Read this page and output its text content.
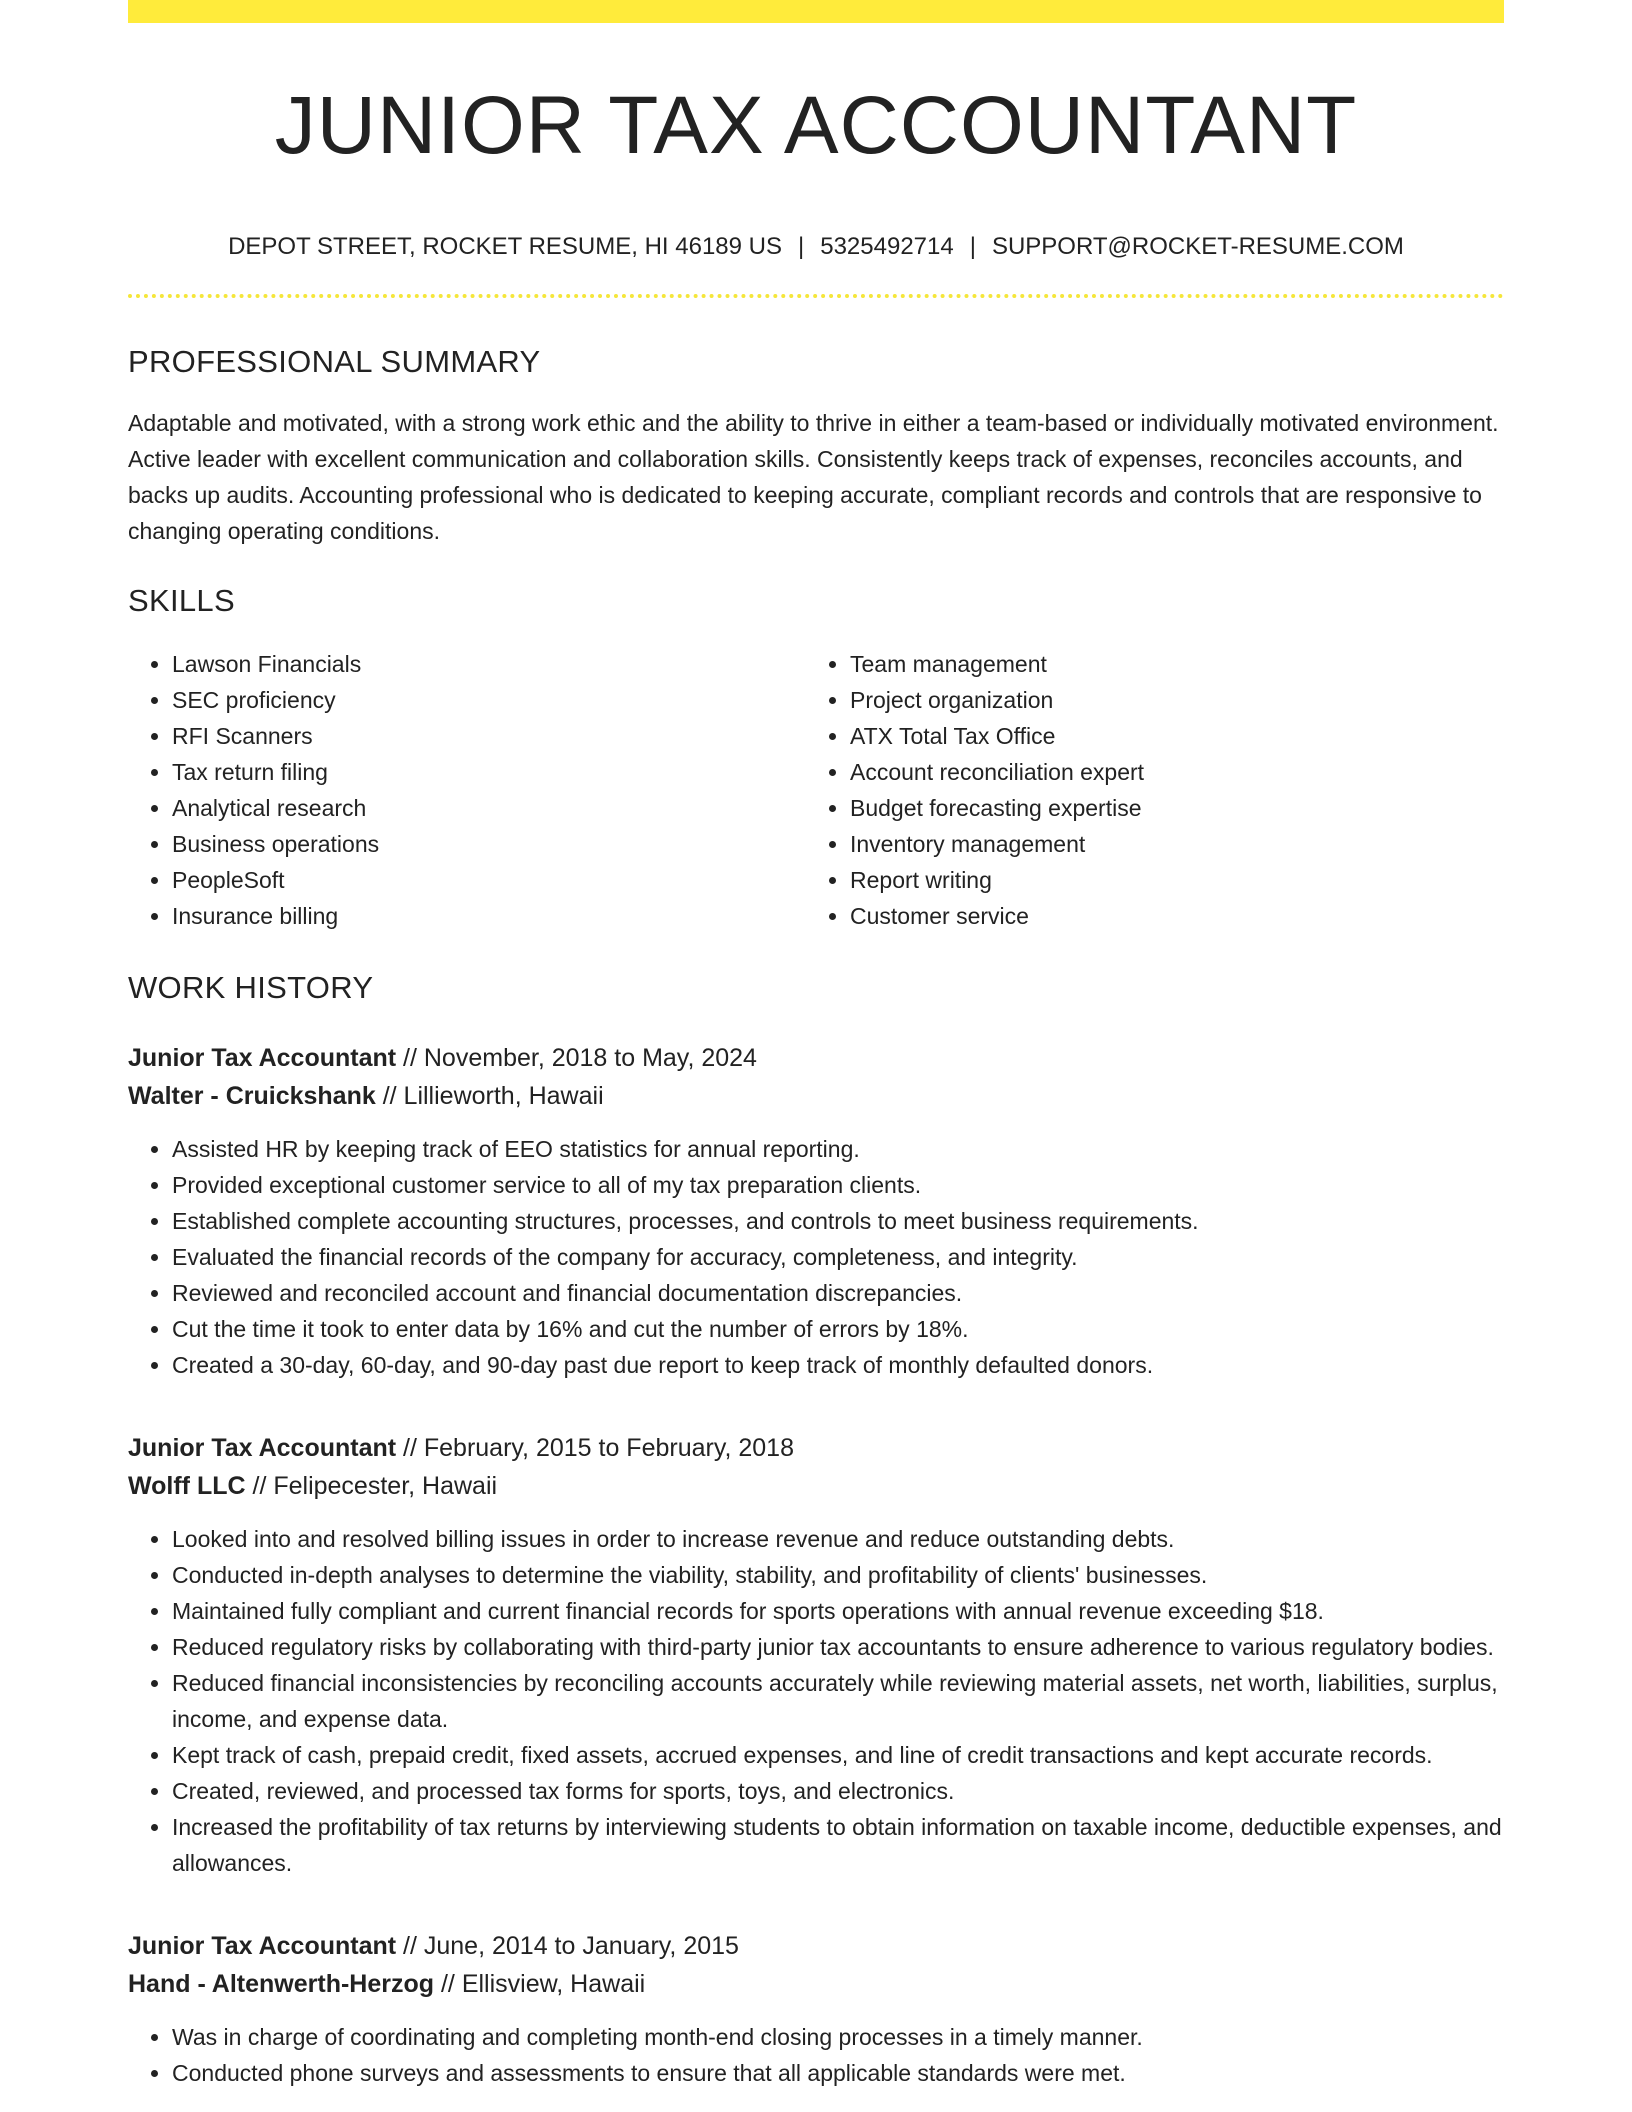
JUNIOR TAX ACCOUNTANT
DEPOT STREET, ROCKET RESUME, HI 46189 US | 5325492714 | SUPPORT@ROCKET-RESUME.COM
PROFESSIONAL SUMMARY

Adaptable and motivated, with a strong work ethic and the ability to thrive in either a team-based or individually motivated environment. Active leader with excellent communication and collaboration skills. Consistently keeps track of expenses, reconciles accounts, and backs up audits. Accounting professional who is dedicated to keeping accurate, compliant records and controls that are responsive to changing operating conditions.

SKILLS
• Lawson Financials
• SEC proficiency
• RFI Scanners
• Tax return filing
• Analytical research
• Business operations
• PeopleSoft
• Insurance billing
• Team management
• Project organization
• ATX Total Tax Office
• Account reconciliation expert
• Budget forecasting expertise
• Inventory management
• Report writing
• Customer service
WORK HISTORY
Junior Tax Accountant // November, 2018 to May, 2024
Walter - Cruickshank // Lillieworth, Hawaii
• Assisted HR by keeping track of EEO statistics for annual reporting.
• Provided exceptional customer service to all of my tax preparation clients.
• Established complete accounting structures, processes, and controls to meet business requirements.
• Evaluated the financial records of the company for accuracy, completeness, and integrity.
• Reviewed and reconciled account and financial documentation discrepancies.
• Cut the time it took to enter data by 16% and cut the number of errors by 18%.
• Created a 30-day, 60-day, and 90-day past due report to keep track of monthly defaulted donors.
Junior Tax Accountant // February, 2015 to February, 2018
Wolff LLC // Felipecester, Hawaii
• Looked into and resolved billing issues in order to increase revenue and reduce outstanding debts.
• Conducted in-depth analyses to determine the viability, stability, and profitability of clients' businesses.
• Maintained fully compliant and current financial records for sports operations with annual revenue exceeding $18.
• Reduced regulatory risks by collaborating with third-party junior tax accountants to ensure adherence to various regulatory bodies.
• Reduced financial inconsistencies by reconciling accounts accurately while reviewing material assets, net worth, liabilities, surplus, income, and expense data.
• Kept track of cash, prepaid credit, fixed assets, accrued expenses, and line of credit transactions and kept accurate records.
• Created, reviewed, and processed tax forms for sports, toys, and electronics.
• Increased the profitability of tax returns by interviewing students to obtain information on taxable income, deductible expenses, and allowances.
Junior Tax Accountant // June, 2014 to January, 2015
Hand - Altenwerth-Herzog // Ellisview, Hawaii
• Was in charge of coordinating and completing month-end closing processes in a timely manner.
• Conducted phone surveys and assessments to ensure that all applicable standards were met.
